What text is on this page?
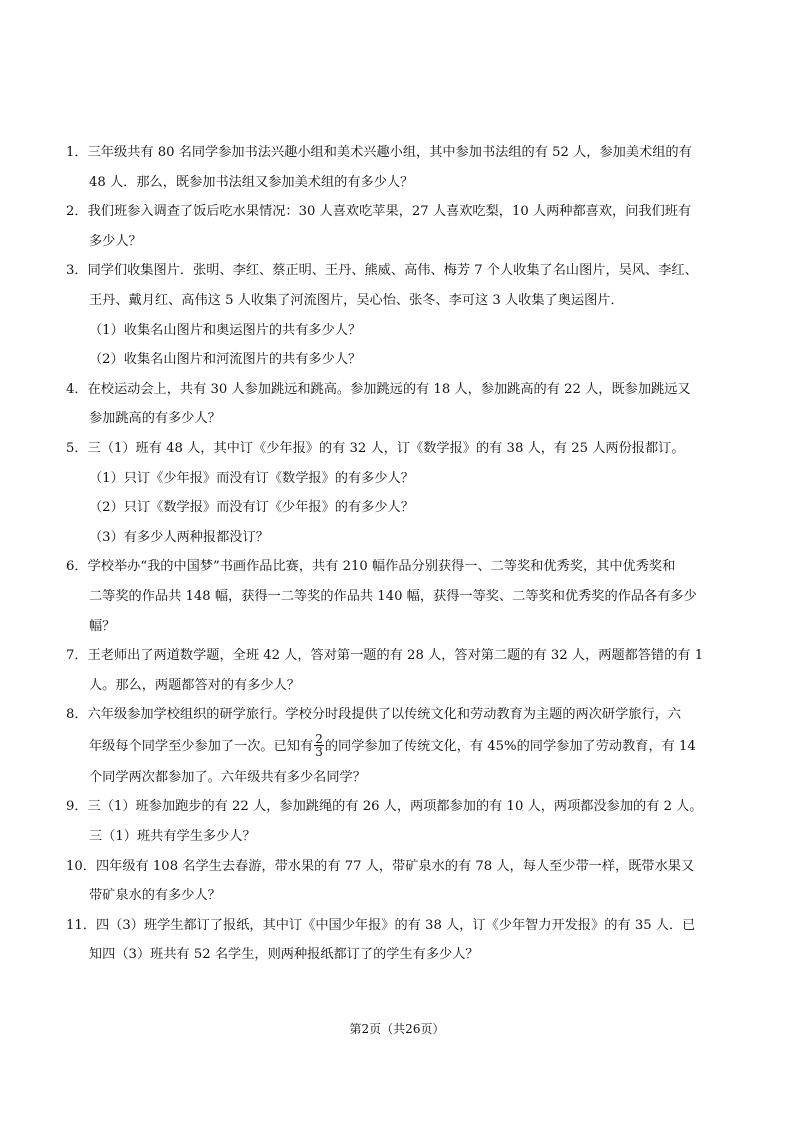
1．三年级共有 80 名同学参加书法兴趣小组和美术兴趣小组，其中参加书法组的有 52 人，参加美术组的有
48 人．那么，既参加书法组又参加美术组的有多少人？
2．我们班参入调查了饭后吃水果情况：30 人喜欢吃苹果，27 人喜欢吃梨，10 人两种都喜欢，问我们班有
多少人？
3．同学们收集图片．张明、李红、蔡正明、王丹、熊威、高伟、梅芳 7 个人收集了名山图片，吴风、李红、
王丹、戴月红、高伟这 5 人收集了河流图片，吴心怡、张冬、李可这 3 人收集了奥运图片．
（1）收集名山图片和奥运图片的共有多少人？
（2）收集名山图片和河流图片的共有多少人？
4．在校运动会上，共有 30 人参加跳远和跳高。参加跳远的有 18 人，参加跳高的有 22 人，既参加跳远又
参加跳高的有多少人？
5．三（1）班有 48 人，其中订《少年报》的有 32 人，订《数学报》的有 38 人，有 25 人两份报都订。
（1）只订《少年报》而没有订《数学报》的有多少人？
（2）只订《数学报》而没有订《少年报》的有多少人？
（3）有多少人两种报都没订？
6．学校举办“我的中国梦”书画作品比赛，共有 210 幅作品分别获得一、二等奖和优秀奖，其中优秀奖和
二等奖的作品共 148 幅，获得一二等奖的作品共 140 幅，获得一等奖、二等奖和优秀奖的作品各有多少
幅？
7．王老师出了两道数学题，全班 42 人，答对第一题的有 28 人，答对第二题的有 32 人，两题都答错的有 1
人。那么，两题都答对的有多少人？
8．六年级参加学校组织的研学旅行。学校分时段提供了以传统文化和劳动教育为主题的两次研学旅行，六
年级每个同学至少参加了一次。已知有 $\frac{2}{3}$ 的同学参加了传统文化，有 45%的同学参加了劳动教育，有 14
个同学两次都参加了。六年级共有多少名同学？
9．三（1）班参加跑步的有 22 人，参加跳绳的有 26 人，两项都参加的有 10 人，两项都没参加的有 2 人。
三（1）班共有学生多少人？
10．四年级有 108 名学生去春游，带水果的有 77 人，带矿泉水的有 78 人，每人至少带一样，既带水果又
带矿泉水的有多少人？
11．四（3）班学生都订了报纸，其中订《中国少年报》的有 38 人，订《少年智力开发报》的有 35 人．已
知四（3）班共有 52 名学生，则两种报纸都订了的学生有多少人？
第2页（共26页）
